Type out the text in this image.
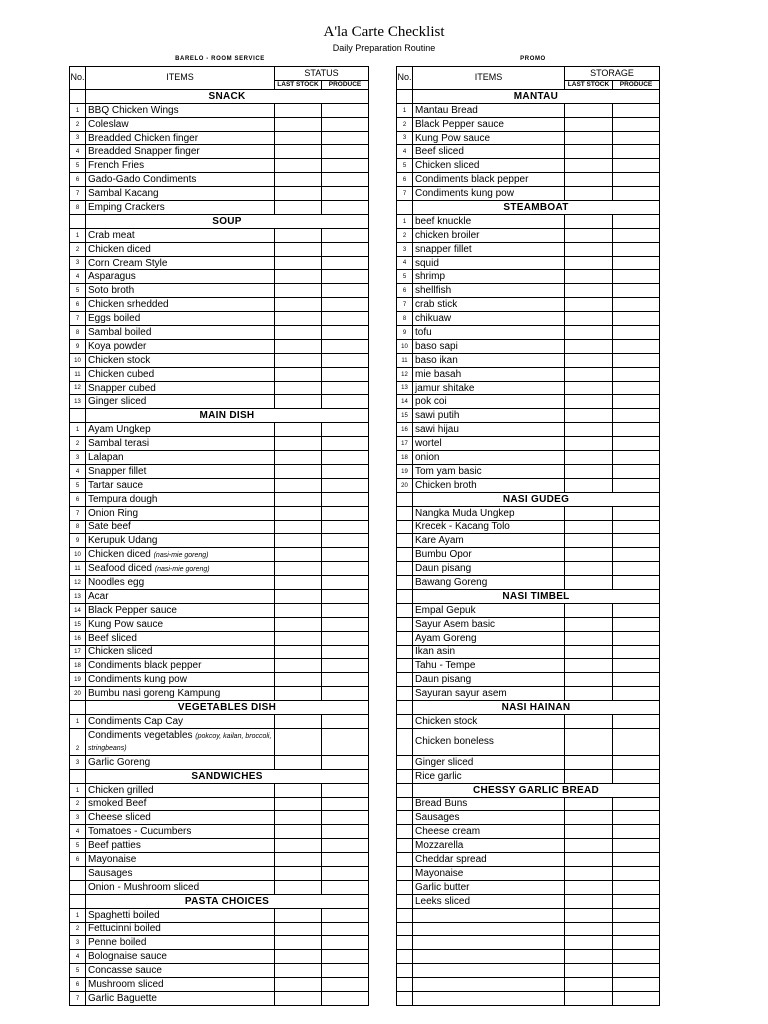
A'la Carte Checklist
Daily Preparation Routine
BARELO - ROOM SERVICE	PROMO
No.	ITEMS	STATUS	
		LAST STOCK	PRODUCE
	SNACK		
1	BBQ Chicken Wings		
2	Coleslaw		
3	Breadded Chicken finger		
4	Breadded Snapper finger		
5	French Fries		
6	Gado-Gado Condiments		
7	Sambal Kacang		
8	Emping Crackers		
	SOUP		
1	Crab meat		
2	Chicken diced		
3	Corn Cream Style		
4	Asparagus		
5	Soto broth		
6	Chicken srhedded		
7	Eggs boiled		
8	Sambal boiled		
9	Koya powder		
10	Chicken stock		
11	Chicken cubed		
12	Snapper cubed		
13	Ginger sliced		
	MAIN DISH		
1	Ayam Ungkep		
2	Sambal terasi		
3	Lalapan		
4	Snapper fillet		
5	Tartar sauce		
6	Tempura dough		
7	Onion Ring		
8	Sate beef		
9	Kerupuk Udang		
10	Chicken diced (nasi-mie goreng)		
11	Seafood diced (nasi-mie goreng)		
12	Noodles egg		
13	Acar		
14	Black Pepper sauce		
15	Kung Pow sauce		
16	Beef sliced		
17	Chicken sliced		
18	Condiments black pepper		
19	Condiments kung pow		
20	Bumbu nasi goreng Kampung		
	VEGETABLES DISH		
1	Condiments Cap Cay		
2	Condiments vegetables (pokcoy, kailan, broccoli, stringbeans)		
3	Garlic Goreng		
	SANDWICHES		
1	Chicken grilled		
2	smoked Beef		
3	Cheese sliced		
4	Tomatoes - Cucumbers		
5	Beef patties		
6	Mayonaise		
	Sausages		
	Onion - Mushroom sliced		
	PASTA CHOICES		
1	Spaghetti boiled		
2	Fettucinni boiled		
3	Penne boiled		
4	Bolognaise sauce		
5	Concasse sauce		
6	Mushroom sliced		
7	Garlic Baguette		
No.	ITEMS	STORAGE	
		LAST STOCK	PRODUCE
	MANTAU		
1	Mantau Bread		
2	Black Pepper sauce		
3	Kung Pow sauce		
4	Beef sliced		
5	Chicken sliced		
6	Condiments black pepper		
7	Condiments kung pow		
	STEAMBOAT		
1	beef knuckle		
2	chicken broiler		
3	snapper fillet		
4	squid		
5	shrimp		
6	shellfish		
7	crab stick		
8	chikuaw		
9	tofu		
10	baso sapi		
11	baso ikan		
12	mie basah		
13	jamur shitake		
14	pok coi		
15	sawi putih		
16	sawi hijau		
17	wortel		
18	onion		
19	Tom yam basic		
20	Chicken broth		
	NASI GUDEG		
	Nangka Muda Ungkep		
	Krecek - Kacang Tolo		
	Kare Ayam		
	Bumbu Opor		
	Daun pisang		
	Bawang Goreng		
	NASI TIMBEL		
	Empal Gepuk		
	Sayur Asem basic		
	Ayam Goreng		
	Ikan asin		
	Tahu - Tempe		
	Daun pisang		
	Sayuran sayur asem		
	NASI HAINAN		
	Chicken stock		
	Chicken boneless		
	Ginger sliced		
	Rice garlic		
	CHESSY GARLIC BREAD		
	Bread Buns		
	Sausages		
	Cheese cream		
	Mozzarella		
	Cheddar spread		
	Mayonaise		
	Garlic butter		
	Leeks sliced		
